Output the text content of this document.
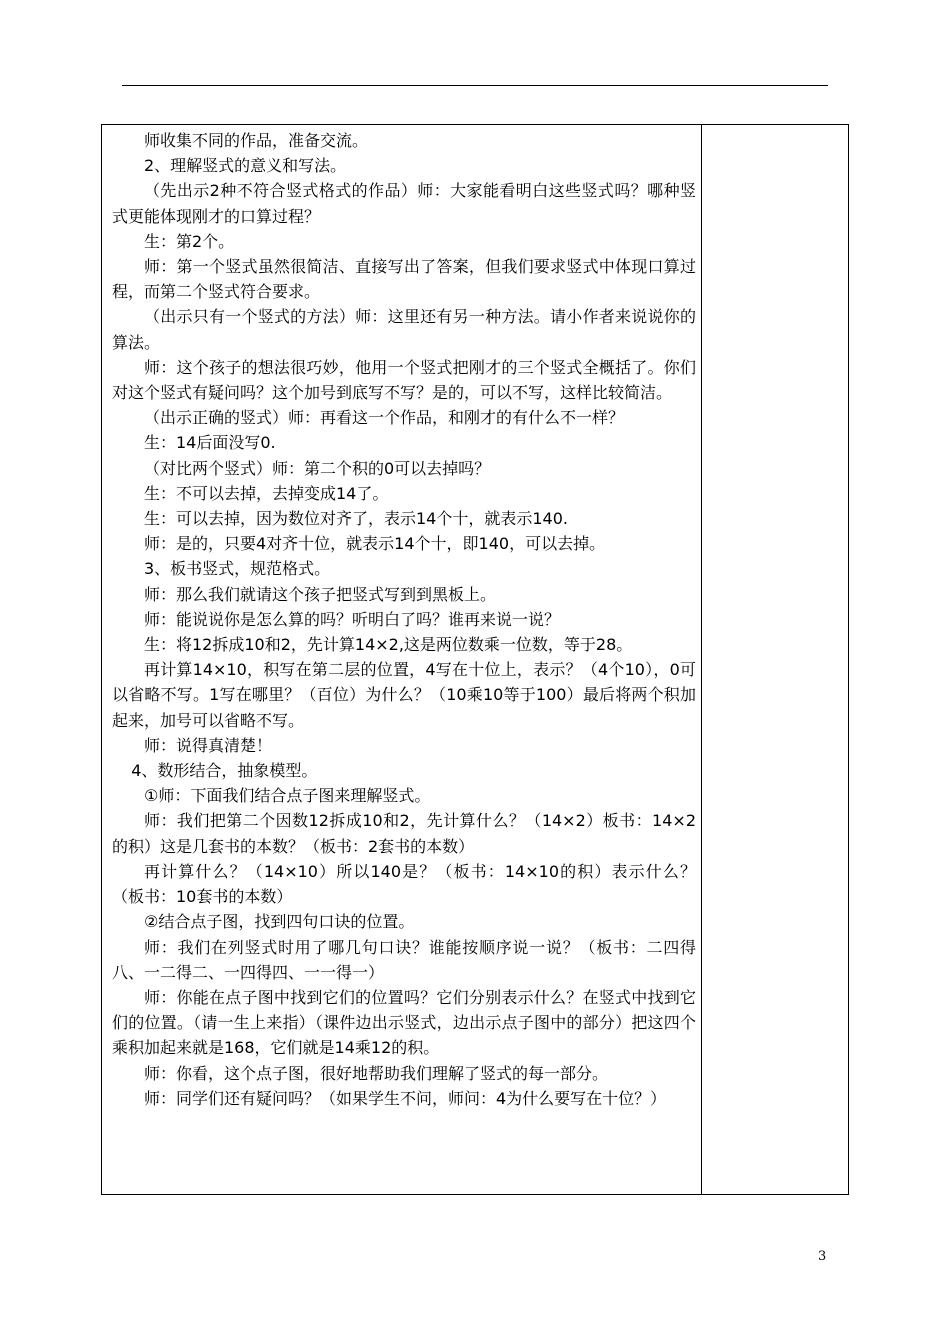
师收集不同的作品，准备交流。

2、理解竖式的意义和写法。

（先出示2种不符合竖式格式的作品）师：大家能看明白这些竖式吗？哪种竖式更能体现刚才的口算过程？

生：第2个。

师：第一个竖式虽然很简洁、直接写出了答案，但我们要求竖式中体现口算过程，而第二个竖式符合要求。

（出示只有一个竖式的方法）师：这里还有另一种方法。请小作者来说说你的算法。

师：这个孩子的想法很巧妙，他用一个竖式把刚才的三个竖式全概括了。你们对这个竖式有疑问吗？这个加号到底写不写？是的，可以不写，这样比较简洁。

（出示正确的竖式）师：再看这一个作品，和刚才的有什么不一样？

生：14后面没写0.

（对比两个竖式）师：第二个积的0可以去掉吗？

生：不可以去掉，去掉变成14了。

生：可以去掉，因为数位对齐了，表示14个十，就表示140.

师：是的，只要4对齐十位，就表示14个十，即140，可以去掉。

3、板书竖式，规范格式。

师：那么我们就请这个孩子把竖式写到到黑板上。

师：能说说你是怎么算的吗？听明白了吗？谁再来说一说？

生：将12拆成10和2，先计算14×2,这是两位数乘一位数，等于28。

再计算14×10，积写在第二层的位置，4写在十位上，表示？（4个10），0可以省略不写。1写在哪里？（百位）为什么？（10乘10等于100）最后将两个积加起来，加号可以省略不写。

师：说得真清楚！

4、数形结合，抽象模型。

①师：下面我们结合点子图来理解竖式。

师：我们把第二个因数12拆成10和2，先计算什么？（14×2）板书：14×2的积）这是几套书的本数？（板书：2套书的本数）

再计算什么？（14×10）所以140是？（板书：14×10的积）表示什么？（板书：10套书的本数）

②结合点子图，找到四句口诀的位置。

师：我们在列竖式时用了哪几句口诀？谁能按顺序说一说？（板书：二四得八、一二得二、一四得四、一一得一）

师：你能在点子图中找到它们的位置吗？它们分别表示什么？在竖式中找到它们的位置。（请一生上来指）（课件边出示竖式，边出示点子图中的部分）把这四个乘积加起来就是168，它们就是14乘12的积。

师：你看，这个点子图，很好地帮助我们理解了竖式的每一部分。

师：同学们还有疑问吗？（如果学生不问，师问：4为什么要写在十位？）

3
